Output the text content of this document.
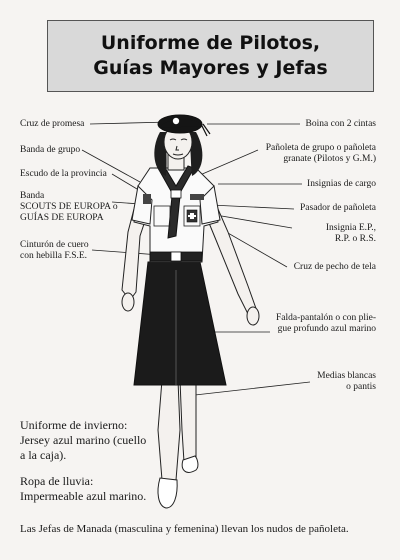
Uniforme de Pilotos,
Guías Mayores y Jefas
Cruz de promesa
Banda de grupo
Escudo de la provincia
Banda
SCOUTS DE EUROPA o
GUÍAS DE EUROPA
Cinturón de cuero
con hebilla F.S.E.
Boina con 2 cintas
Pañoleta de grupo o pañoleta
granate (Pilotos y G.M.)
Insignias de cargo
Pasador de pañoleta
Insignia E.P.,
R.P. o R.S.
Cruz de pecho de tela
Falda-pantalón o con plie-
gue profundo azul marino
Medias blancas
o pantis
Uniforme de invierno:
Jersey azul marino (cuello
a la caja).
Ropa de lluvia:
Impermeable azul marino.
Las Jefas de Manada (masculina y femenina) llevan los nudos de pañoleta.
